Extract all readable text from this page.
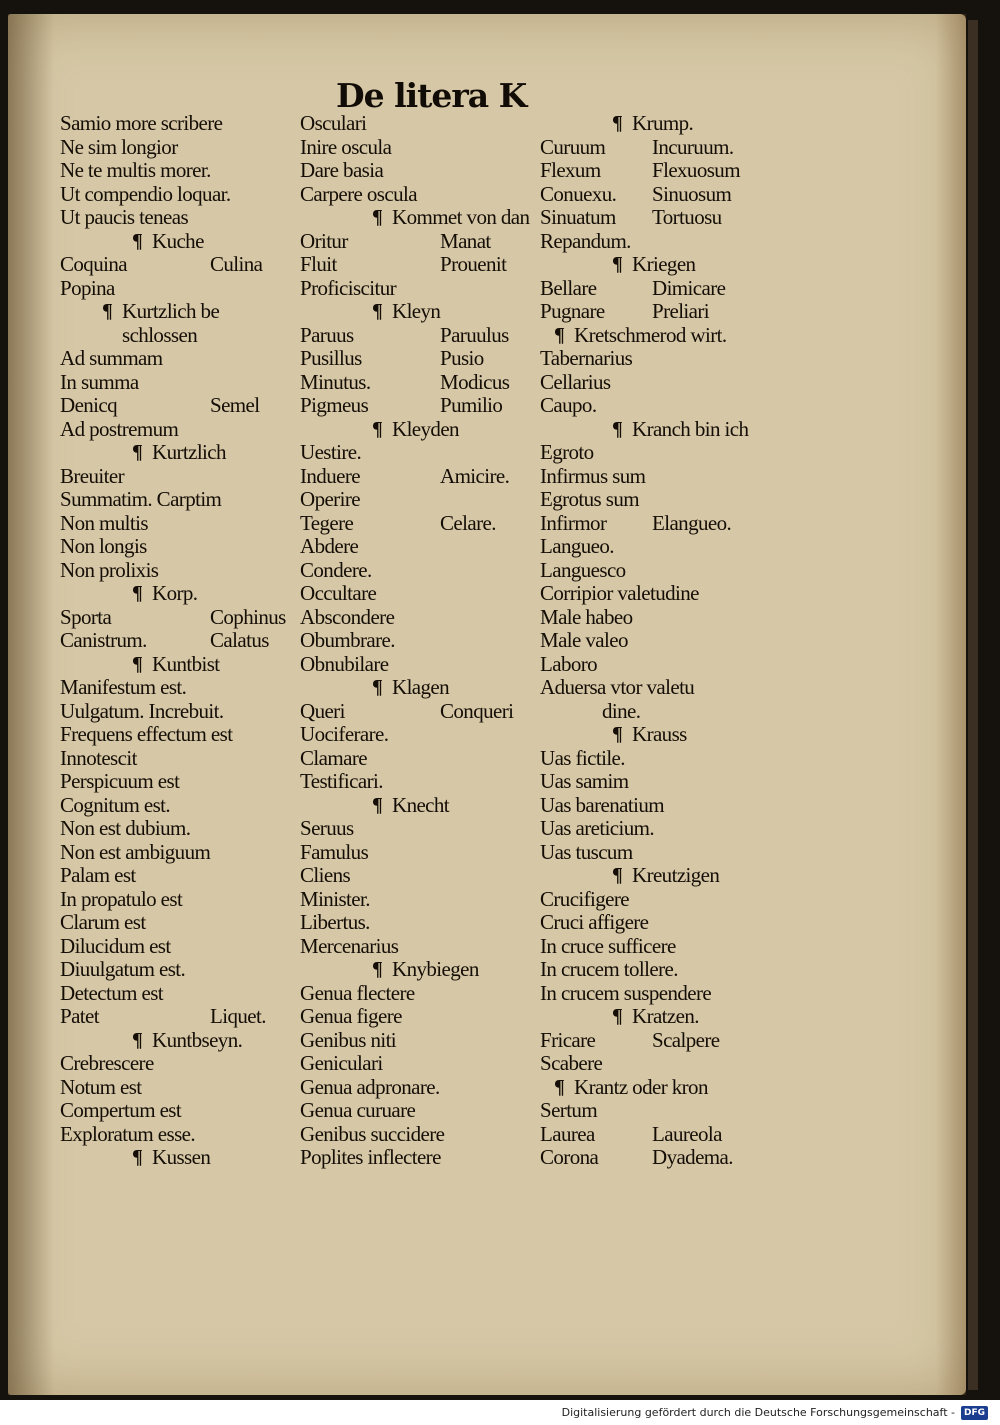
De litera K
Samio more scribere
Ne sim longior
Ne te multis morer.
Ut compendio loquar.
Ut paucis teneas
¶ Kuche
Coquina	Culina
Popina
¶ Kurtzlich be
schlossen
Ad summam
In summa
Denicq	Semel
Ad postremum
¶ Kurtzlich
Breuiter
Summatim. Carptim
Non multis
Non longis
Non prolixis
¶ Korp.
Sporta	Cophinus
Canistrum.	Calatus
¶ Kuntbist
Manifestum est.
Uulgatum. Increbuit.
Frequens effectum est
Innotescit
Perspicuum est
Cognitum est.
Non est dubium.
Non est ambiguum
Palam est
In propatulo est
Clarum est
Dilucidum est
Diuulgatum est.
Detectum est
Patet	Liquet.
¶ Kuntbseyn.
Crebrescere
Notum est
Compertum est
Exploratum esse.
¶ Kussen
Osculari
Inire oscula
Dare basia
Carpere oscula
¶ Kommet von dan
Oritur	Manat
Fluit	Prouenit
Proficiscitur
¶ Kleyn
Paruus	Paruulus
Pusillus	Pusio
Minutus.	Modicus
Pigmeus	Pumilio
¶ Kleyden
Uestire.
Induere	Amicire.
Operire
Tegere	Celare.
Abdere
Condere.
Occultare
Abscondere
Obumbrare.
Obnubilare
¶ Klagen
Queri	Conqueri
Uociferare.
Clamare
Testificari.
¶ Knecht
Seruus
Famulus
Cliens
Minister.
Libertus.
Mercenarius
¶ Knybiegen
Genua flectere
Genua figere
Genibus niti
Geniculari
Genua adpronare.
Genua curuare
Genibus succidere
Poplites inflectere
¶ Krump.
Curuum Incuruum.
Flexum Flexuosum
Conuexu. Sinuosum
Sinuatum Tortuosu
Repandum.
¶ Kriegen
Bellare	Dimicare
Pugnare Preliari
¶ Kretschmerod wirt.
Tabernarius
Cellarius
Caupo.
¶ Kranch bin ich
Egroto
Infirmus sum
Egrotus sum
Infirmor Elangueo.
Langueo.
Languesco
Corripior valetudine
Male habeo
Male valeo
Laboro
Aduersa vtor valetu
dine.
¶ Krauss
Uas fictile.
Uas samim
Uas barenatium
Uas areticium.
Uas tuscum
¶ Kreutzigen
Crucifigere
Cruci affigere
In cruce sufficere
In crucem tollere.
In crucem suspendere
¶ Kratzen.
Fricare	Scalpere
Scabere
¶ Krantz oder kron
Sertum
Laurea	Laureola
Corona	Dyadema.
Digitalisierung gefördert durch die Deutsche Forschungsgemeinschaft -	DFG
